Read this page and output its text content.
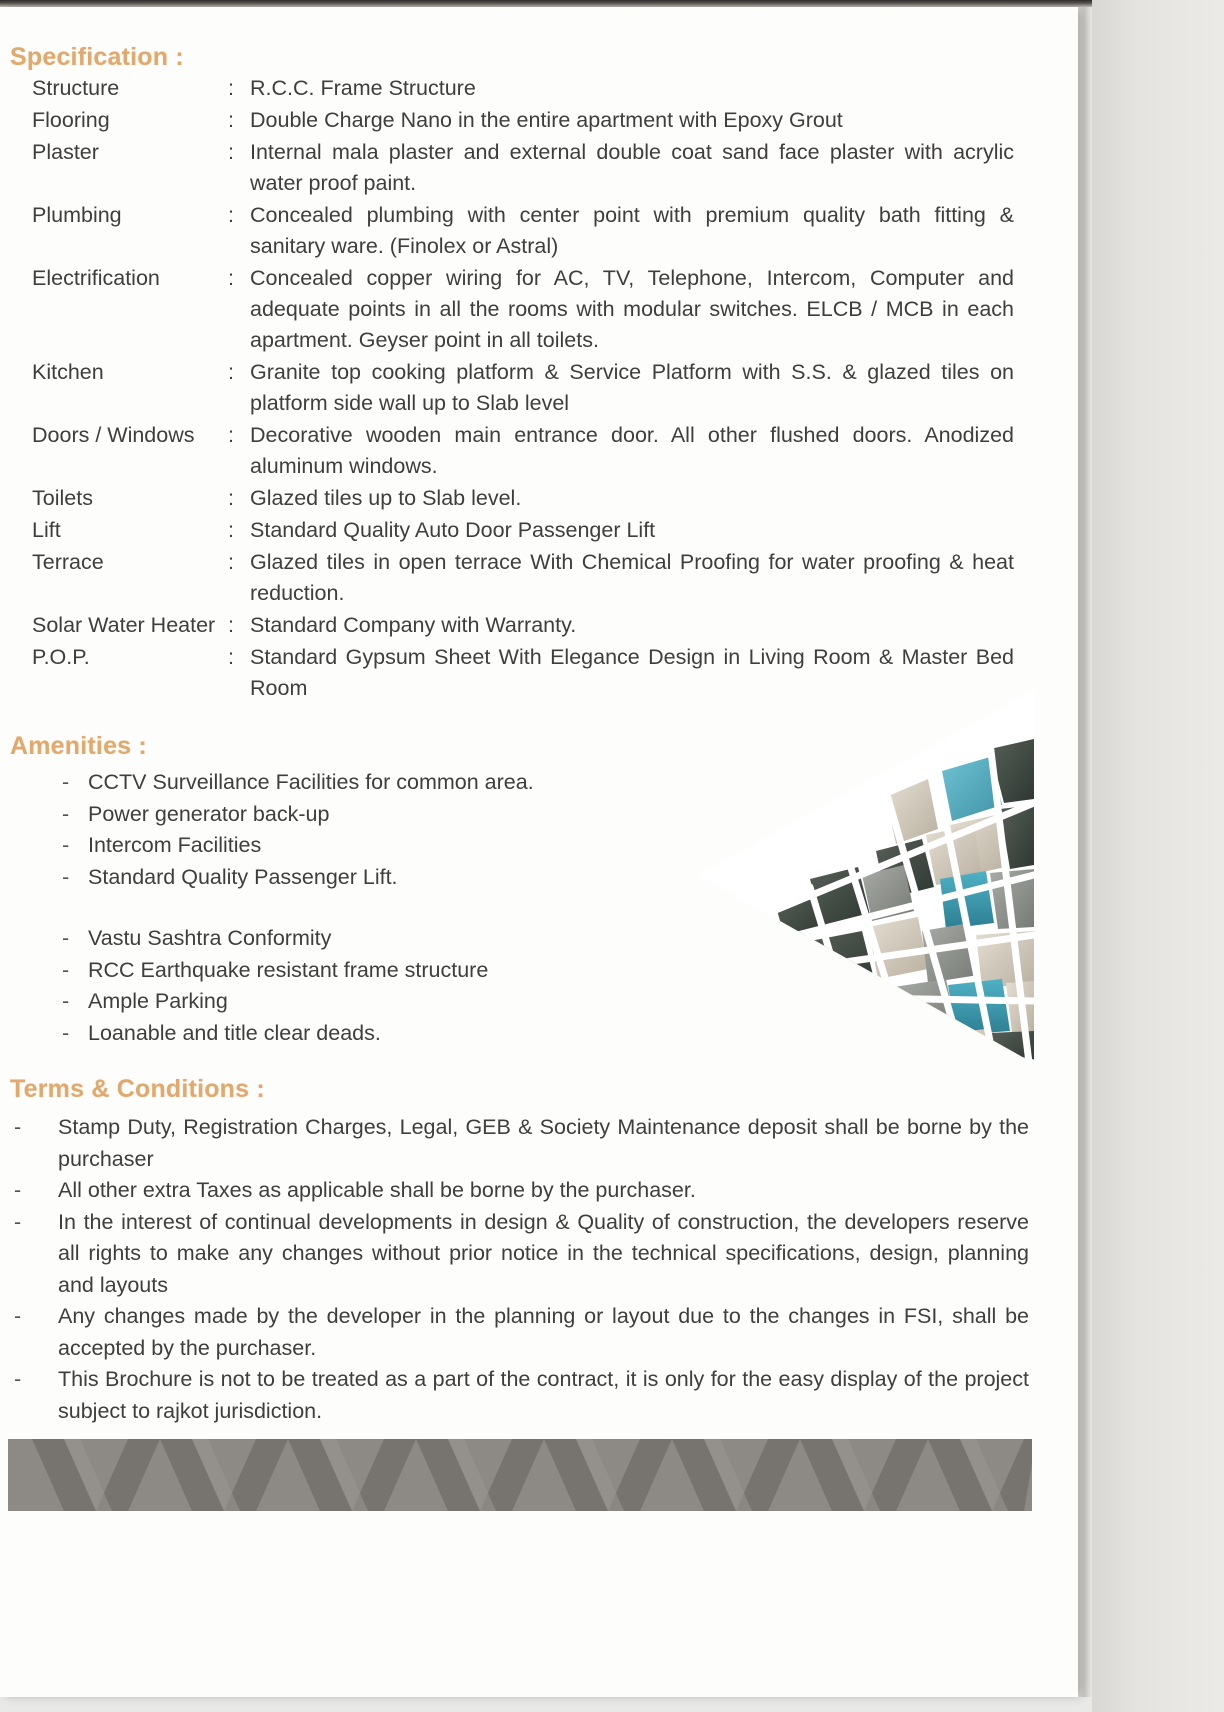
Specification :
Structure	:	R.C.C. Frame Structure
Flooring	:	Double Charge Nano in the entire apartment with Epoxy Grout
Plaster	:	Internal mala plaster and external double coat sand face plaster with acrylic water proof paint.
Plumbing	:	Concealed plumbing with center point with premium quality bath fitting & sanitary ware. (Finolex or Astral)
Electrification	:	Concealed copper wiring for AC, TV, Telephone, Intercom, Computer and adequate points in all the rooms with modular switches. ELCB / MCB in each apartment. Geyser point in all toilets.
Kitchen	:	Granite top cooking platform & Service Platform with S.S. & glazed tiles on platform side wall up to Slab level
Doors / Windows	:	Decorative wooden main entrance door. All other flushed doors. Anodized aluminum windows.
Toilets	:	Glazed tiles up to Slab level.
Lift	:	Standard Quality Auto Door Passenger Lift
Terrace	:	Glazed tiles in open terrace With Chemical Proofing for water proofing & heat reduction.
Solar Water Heater	:	Standard Company with Warranty.
P.O.P.	:	Standard Gypsum Sheet With Elegance Design in Living Room & Master Bed Room
Amenities :
- CCTV Surveillance Facilities for common area.
- Power generator back-up
- Intercom Facilities
- Standard Quality Passenger Lift.

- Vastu Sashtra Conformity
- RCC Earthquake resistant frame structure
- Ample Parking
- Loanable and title clear deads.
Terms & Conditions :
- Stamp Duty, Registration Charges, Legal, GEB & Society Maintenance deposit shall be borne by the purchaser
- All other extra Taxes as applicable shall be borne by the purchaser.
- In the interest of continual developments in design & Quality of construction, the developers reserve all rights to make any changes without prior notice in the technical specifications, design, planning and layouts
- Any changes made by the developer in the planning or layout due to the changes in FSI, shall be accepted by the purchaser.
- This Brochure is not to be treated as a part of the contract, it is only for the easy display of the project subject to rajkot jurisdiction.
